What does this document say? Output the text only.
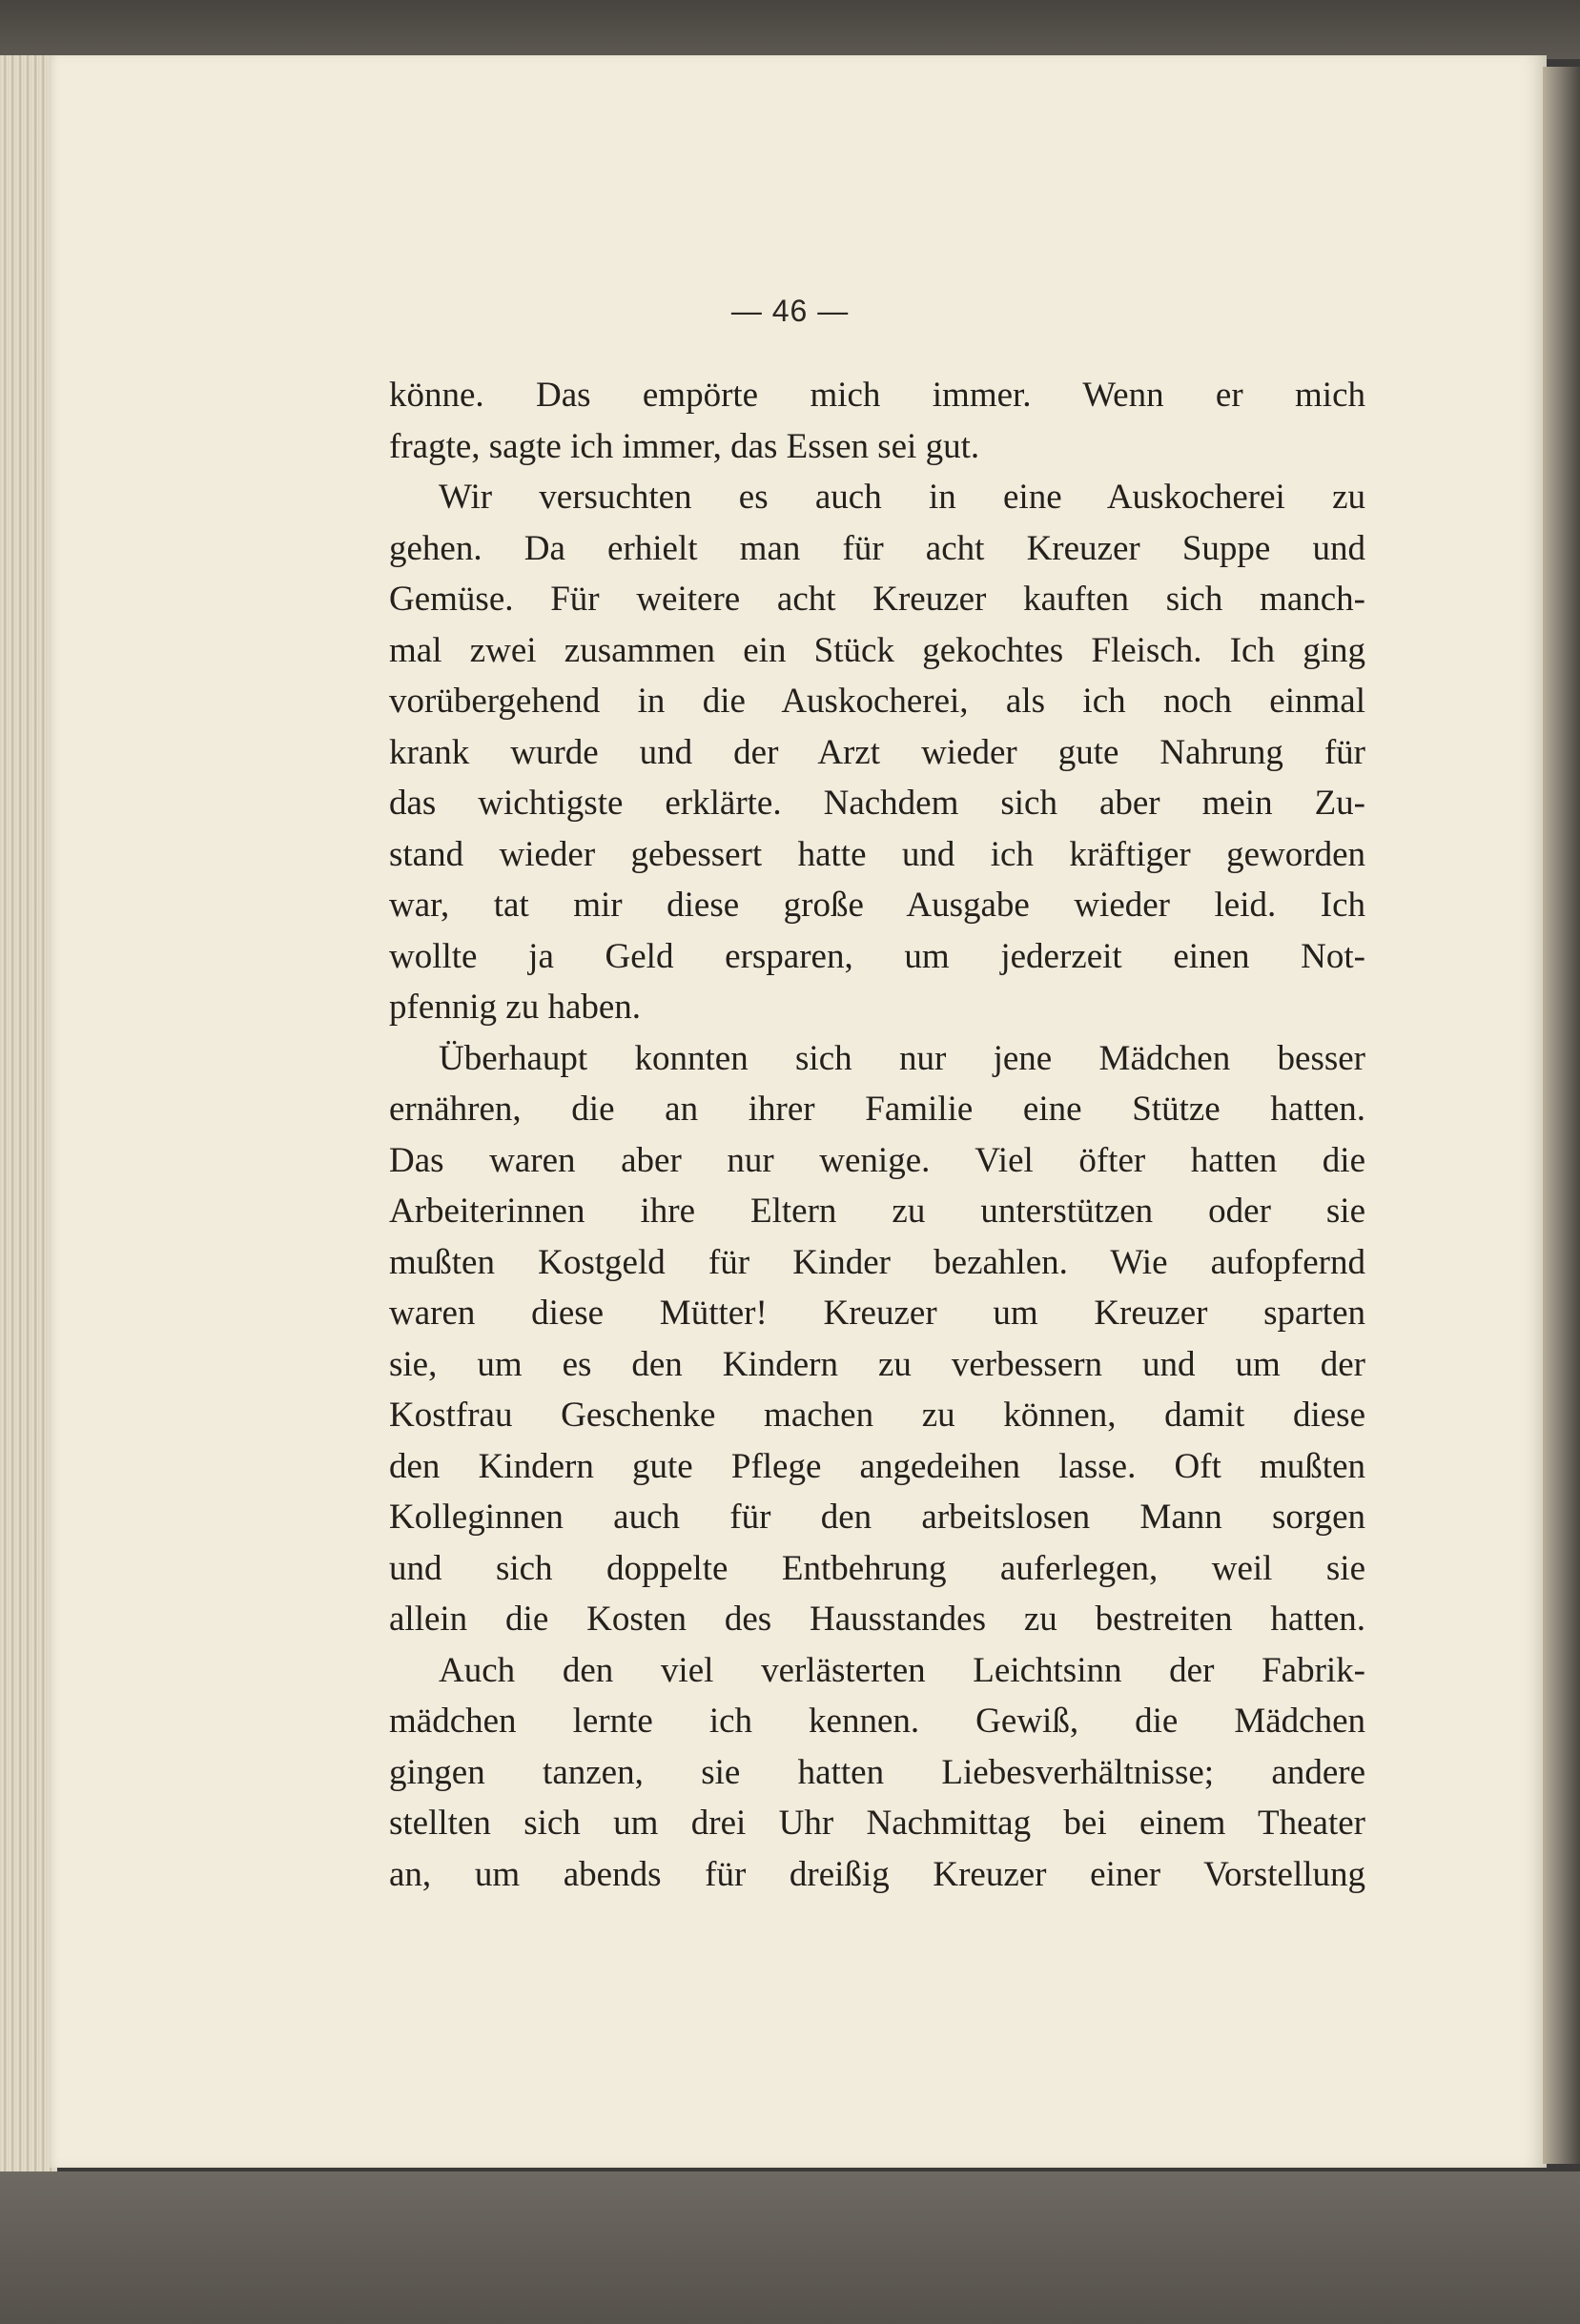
— 46 —
könne. Das empörte mich immer. Wenn er mich
fragte, sagte ich immer, das Essen sei gut.
Wir versuchten es auch in eine Auskocherei zu
gehen. Da erhielt man für acht Kreuzer Suppe und
Gemüse. Für weitere acht Kreuzer kauften sich manch-
mal zwei zusammen ein Stück gekochtes Fleisch. Ich ging
vorübergehend in die Auskocherei, als ich noch einmal
krank wurde und der Arzt wieder gute Nahrung für
das wichtigste erklärte. Nachdem sich aber mein Zu-
stand wieder gebessert hatte und ich kräftiger geworden
war, tat mir diese große Ausgabe wieder leid. Ich
wollte ja Geld ersparen, um jederzeit einen Not-
pfennig zu haben.
Überhaupt konnten sich nur jene Mädchen besser
ernähren, die an ihrer Familie eine Stütze hatten.
Das waren aber nur wenige. Viel öfter hatten die
Arbeiterinnen ihre Eltern zu unterstützen oder sie
mußten Kostgeld für Kinder bezahlen. Wie aufopfernd
waren diese Mütter! Kreuzer um Kreuzer sparten
sie, um es den Kindern zu verbessern und um der
Kostfrau Geschenke machen zu können, damit diese
den Kindern gute Pflege angedeihen lasse. Oft mußten
Kolleginnen auch für den arbeitslosen Mann sorgen
und sich doppelte Entbehrung auferlegen, weil sie
allein die Kosten des Hausstandes zu bestreiten hatten.
Auch den viel verlästerten Leichtsinn der Fabrik-
mädchen lernte ich kennen. Gewiß, die Mädchen
gingen tanzen, sie hatten Liebesverhältnisse; andere
stellten sich um drei Uhr Nachmittag bei einem Theater
an, um abends für dreißig Kreuzer einer Vorstellung
